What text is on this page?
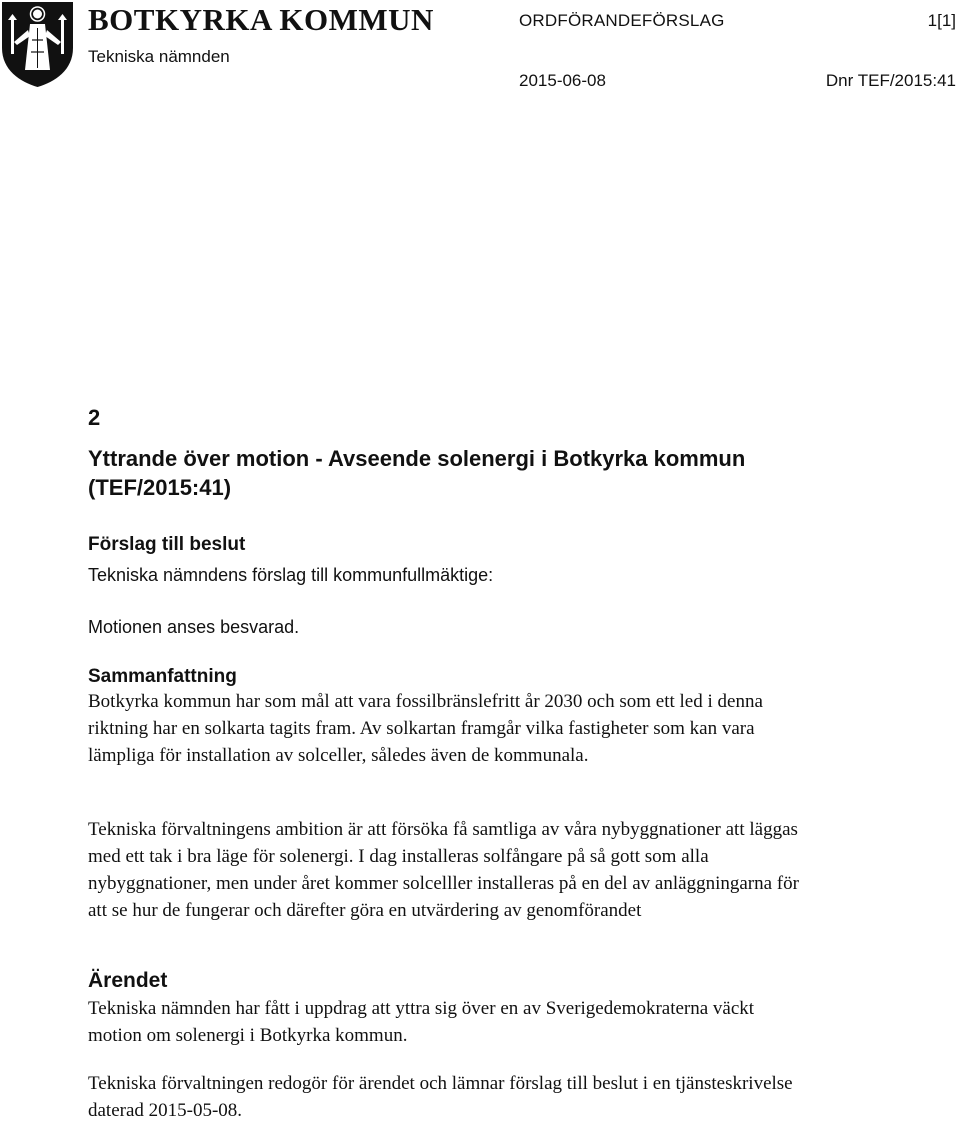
BOTKYRKA KOMMUN
Tekniska nämnden
ORDFÖRANDEFÖRSLAG	1[1]
2015-06-08	Dnr TEF/2015:41
2
Yttrande över motion - Avseende solenergi i Botkyrka kommun (TEF/2015:41)
Förslag till beslut
Tekniska nämndens förslag till kommunfullmäktige:
Motionen anses besvarad.
Sammanfattning

Botkyrka kommun har som mål att vara fossilbränslefritt år 2030 och som ett led i denna riktning har en solkarta tagits fram. Av solkartan framgår vilka fastigheter som kan vara lämpliga för installation av solceller, således även de kommunala.

Tekniska förvaltningens ambition är att försöka få samtliga av våra nybyggnationer att läggas med ett tak i bra läge för solenergi. I dag installeras solfångare på så gott som alla nybyggnationer, men under året kommer solcelller installeras på en del av anläggningarna för att se hur de fungerar och därefter göra en utvärdering av genomförandet

Ärendet

Tekniska nämnden har fått i uppdrag att yttra sig över en av Sverigedemokraterna väckt motion om solenergi i Botkyrka kommun.

Tekniska förvaltningen redogör för ärendet och lämnar förslag till beslut i en tjänsteskrivelse daterad 2015-05-08.
